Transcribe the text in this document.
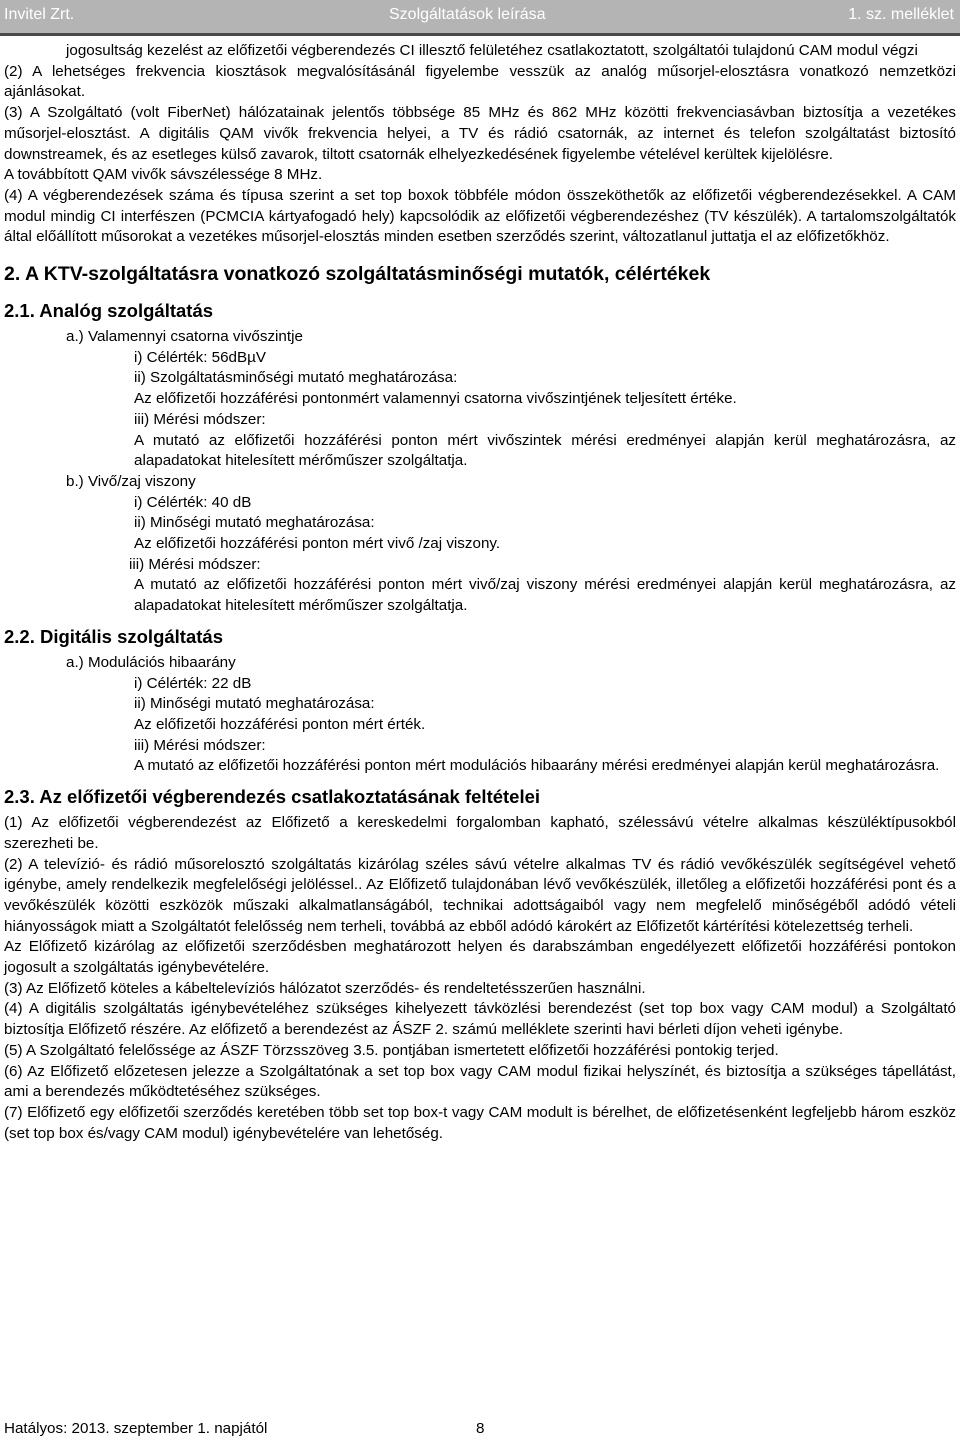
Invitel Zrt.	Szolgáltatások leírása	1. sz. melléklet

jogosultság kezelést az előfizetői végberendezés CI illesztő felületéhez csatlakoztatott, szolgáltatói tulajdonú CAM modul végzi

(2) A lehetséges frekvencia kiosztások megvalósításánál figyelembe vesszük az analóg műsorjel-elosztásra vonatkozó nemzetközi ajánlásokat.

(3) A Szolgáltató (volt FiberNet) hálózatainak jelentős többsége 85 MHz és 862 MHz közötti frekvenciasávban biztosítja a vezetékes műsorjel-elosztást. A digitális QAM vivők frekvencia helyei, a TV és rádió csatornák, az internet és telefon szolgáltatást biztosító downstreamek, és az esetleges külső zavarok, tiltott csatornák elhelyezkedésének figyelembe vételével kerültek kijelölésre.

A továbbított QAM vivők sávszélessége 8 MHz.

(4) A végberendezések száma és típusa szerint a set top boxok többféle módon összeköthetők az előfizetői végberendezésekkel. A CAM modul mindig CI interfészen (PCMCIA kártyafogadó hely) kapcsolódik az előfizetői végberendezéshez (TV készülék). A tartalomszolgáltatók által előállított műsorokat a vezetékes műsorjel-elosztás minden esetben szerződés szerint, változatlanul juttatja el az előfizetőkhöz.

2. A KTV-szolgáltatásra vonatkozó szolgáltatásminőségi mutatók, célértékek
2.1. Analóg szolgáltatás

a.) Valamennyi csatorna vivőszintje

i) Célérték: 56dBµV

ii) Szolgáltatásminőségi mutató meghatározása:

Az előfizetői hozzáférési pontonmért valamennyi csatorna vivőszintjének teljesített értéke.

iii) Mérési módszer:

A mutató az előfizetői hozzáférési ponton mért vivőszintek mérési eredményei alapján kerül meghatározásra, az alapadatokat hitelesített mérőműszer szolgáltatja.

b.) Vivő/zaj viszony

i) Célérték: 40 dB

ii) Minőségi mutató meghatározása:

Az előfizetői hozzáférési ponton mért vivő /zaj viszony.

iii) Mérési módszer:

A mutató az előfizetői hozzáférési ponton mért vivő/zaj viszony mérési eredményei alapján kerül meghatározásra, az alapadatokat hitelesített mérőműszer szolgáltatja.

2.2. Digitális szolgáltatás

a.) Modulációs hibaarány

i) Célérték: 22 dB

ii) Minőségi mutató meghatározása:

Az előfizetői hozzáférési ponton mért érték.

iii) Mérési módszer:

A mutató az előfizetői hozzáférési ponton mért modulációs hibaarány mérési eredményei alapján kerül meghatározásra.

2.3. Az előfizetői végberendezés csatlakoztatásának feltételei

(1) Az előfizetői végberendezést az Előfizető a kereskedelmi forgalomban kapható, szélessávú vételre alkalmas készüléktípusokból szerezheti be.

(2) A televízió- és rádió műsorelosztó szolgáltatás kizárólag széles sávú vételre alkalmas TV és rádió vevőkészülék segítségével vehető igénybe, amely rendelkezik megfelelőségi jelöléssel.. Az Előfizető tulajdonában lévő vevőkészülék, illetőleg a előfizetői hozzáférési pont és a vevőkészülék közötti eszközök műszaki alkalmatlanságából, technikai adottságaiból vagy nem megfelelő minőségéből adódó vételi hiányosságok miatt a Szolgáltatót felelősség nem terheli, továbbá az ebből adódó károkért az Előfizetőt kártérítési kötelezettség terheli.

Az Előfizető kizárólag az előfizetői szerződésben meghatározott helyen és darabszámban engedélyezett előfizetői hozzáférési pontokon jogosult a szolgáltatás igénybevételére.

(3) Az Előfizető köteles a kábeltelevíziós hálózatot szerződés- és rendeltetésszerűen használni.

(4) A digitális szolgáltatás igénybevételéhez szükséges kihelyezett távközlési berendezést (set top box vagy CAM modul) a Szolgáltató biztosítja Előfizető részére. Az előfizető a berendezést az ÁSZF 2. számú melléklete szerinti havi bérleti díjon veheti igénybe.

(5) A Szolgáltató felelőssége az ÁSZF Törzsszöveg 3.5. pontjában ismertetett előfizetői hozzáférési pontokig terjed.

(6) Az Előfizető előzetesen jelezze a Szolgáltatónak a set top box vagy CAM modul fizikai helyszínét, és biztosítja a szükséges tápellátást, ami a berendezés működtetéséhez szükséges.

(7) Előfizető egy előfizetői szerződés keretében több set top box-t vagy CAM modult is bérelhet, de előfizetésenként legfeljebb három eszköz (set top box és/vagy CAM modul) igénybevételére van lehetőség.

Hatályos: 2013. szeptember 1. napjától	8
